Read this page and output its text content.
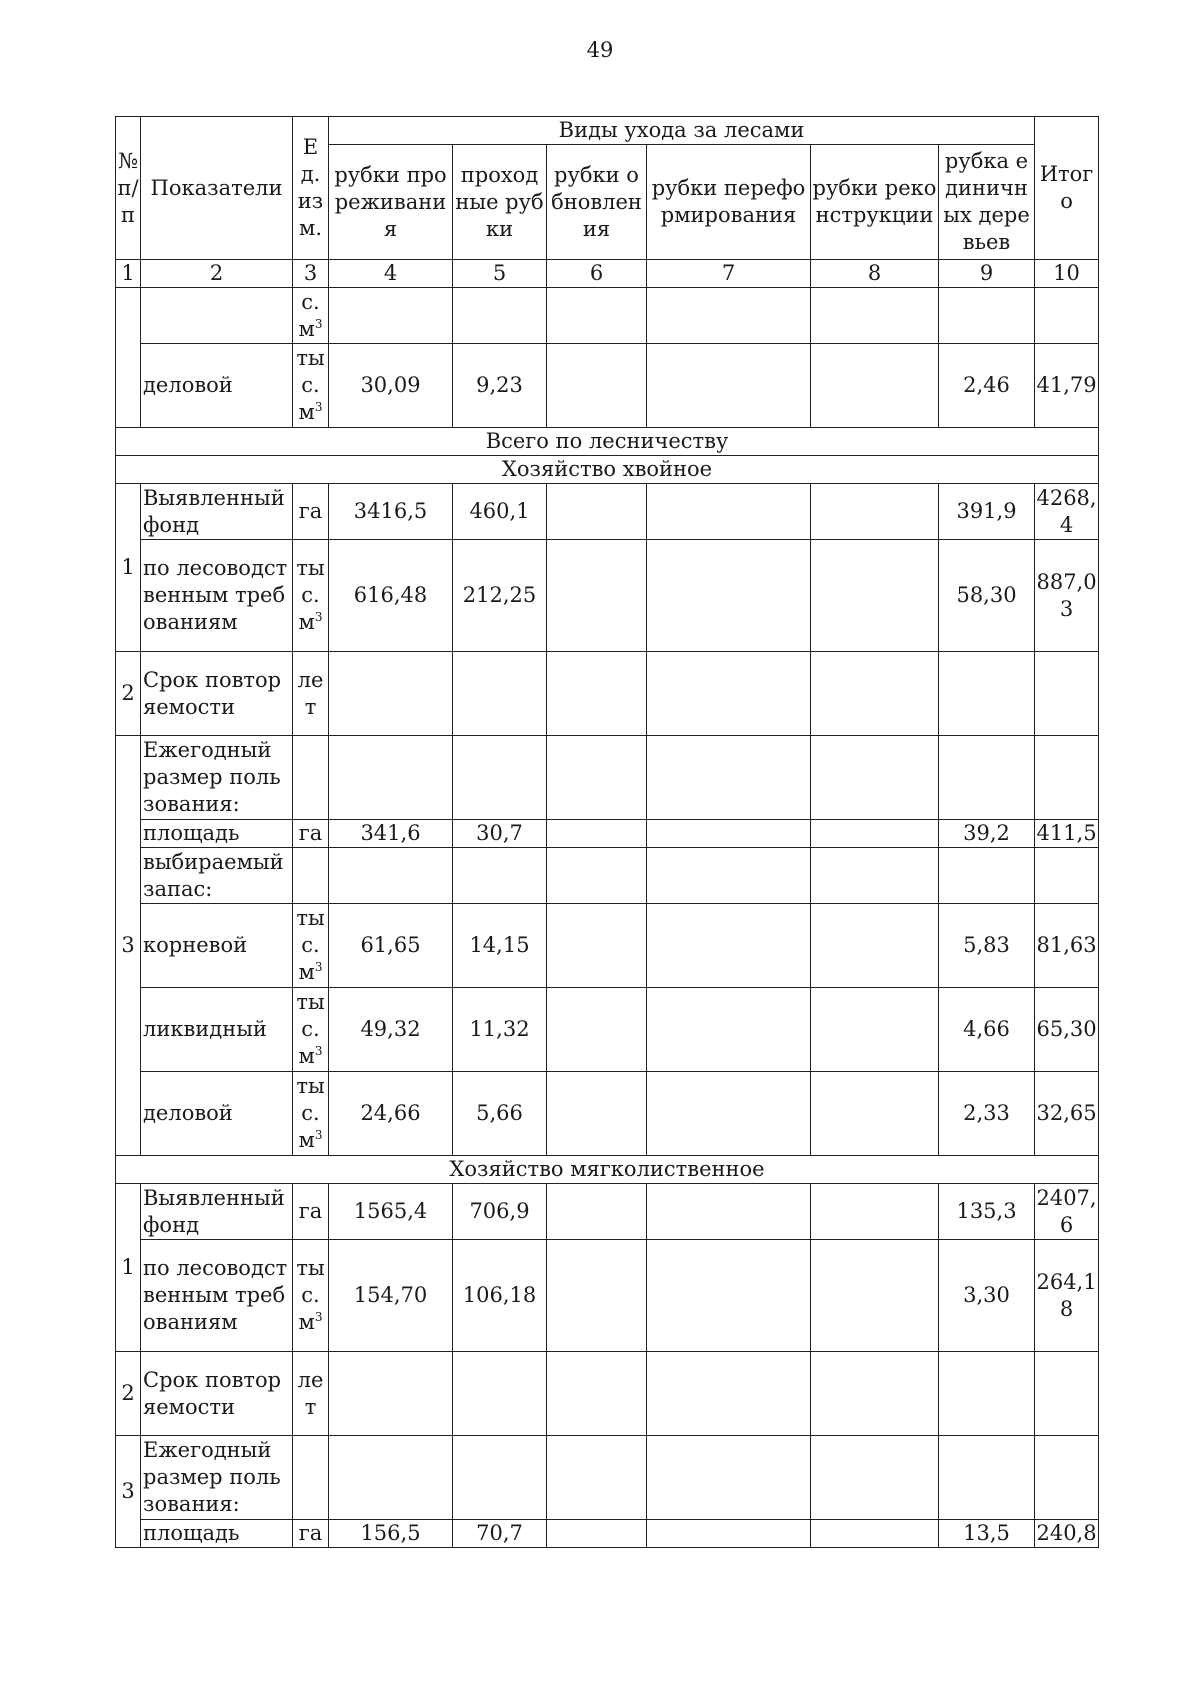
49
№ п/п	Показатели	Ед. изм.	Виды ухода за лесами						Итого
			рубки прореживания	проходные рубки	рубки обновления	рубки переформирования	рубки реконструкции	рубка единичных деревьев	
1	2	3	4	5	6	7	8	9	10
		$с.м^3$							
	деловой	$тыс.м^3$	30,09	9,23				2,46	41,79
Всего по лесничеству									
Хозяйство хвойное									
1	Выявленный фонд	га	3416,5	460,1				391,9	4268,4
	по лесоводственным требованиям	$тыс.м^3$	616,48	212,25				58,30	887,03
2	Срок повторяемости	лет							
3	Ежегодный размер пользования:								
	площадь	га	341,6	30,7				39,2	411,5
	выбираемый запас:								
	корневой	$тыс.м^3$	61,65	14,15				5,83	81,63
	ликвидный	$тыс.м^3$	49,32	11,32				4,66	65,30
	деловой	$тыс.м^3$	24,66	5,66				2,33	32,65

Хозяйство мягколиственное									
1	Выявленный фонд	га	1565,4	706,9				135,3	2407,6
	по лесоводственным требованиям	$тыс.м^3$	154,70	106,18				3,30	264,18
2	Срок повторяемости	лет							
3	Ежегодный размер пользования:								
	площадь	га	156,5	70,7				13,5	240,8
